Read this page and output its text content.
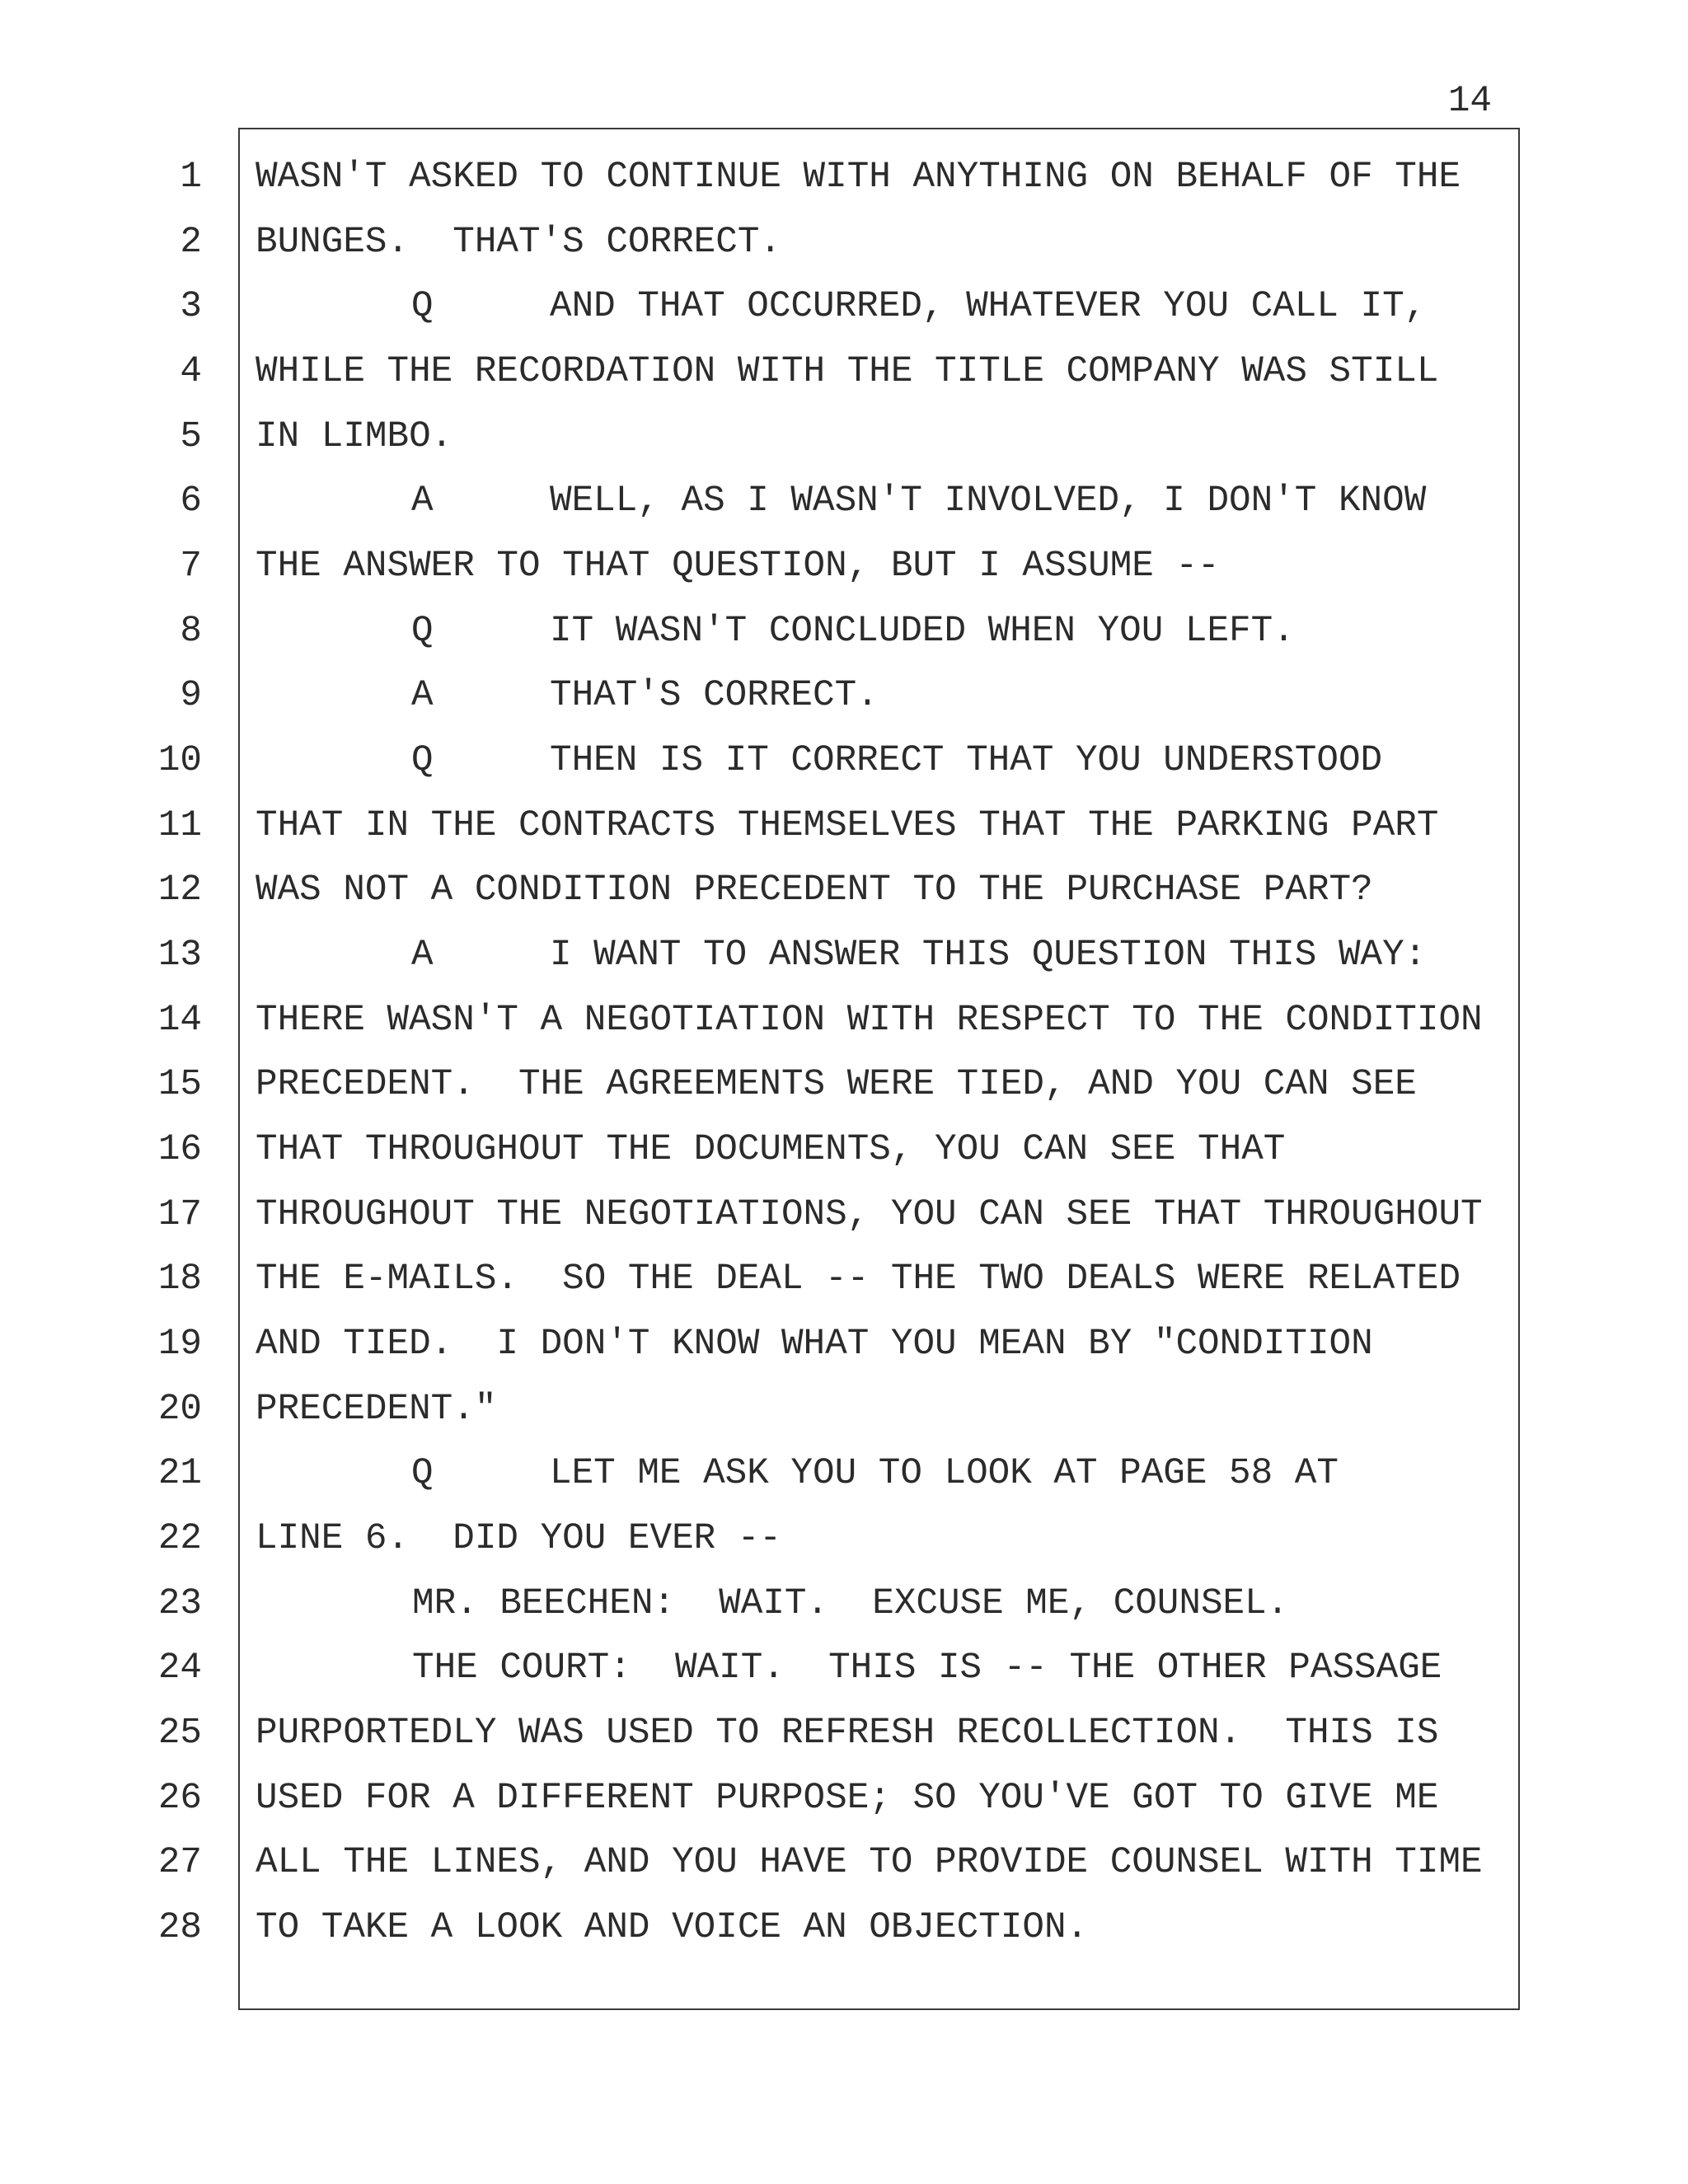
14
1 WASN'T ASKED TO CONTINUE WITH ANYTHING ON BEHALF OF THE
2 BUNGES.  THAT'S CORRECT.
3	Q	AND THAT OCCURRED, WHATEVER YOU CALL IT,
4 WHILE THE RECORDATION WITH THE TITLE COMPANY WAS STILL
5 IN LIMBO.
6	A	WELL, AS I WASN'T INVOLVED, I DON'T KNOW
7 THE ANSWER TO THAT QUESTION, BUT I ASSUME --
8	Q	IT WASN'T CONCLUDED WHEN YOU LEFT.
9	A	THAT'S CORRECT.
10	Q	THEN IS IT CORRECT THAT YOU UNDERSTOOD
11 THAT IN THE CONTRACTS THEMSELVES THAT THE PARKING PART
12 WAS NOT A CONDITION PRECEDENT TO THE PURCHASE PART?
13	A	I WANT TO ANSWER THIS QUESTION THIS WAY:
14 THERE WASN'T A NEGOTIATION WITH RESPECT TO THE CONDITION
15 PRECEDENT.  THE AGREEMENTS WERE TIED, AND YOU CAN SEE
16 THAT THROUGHOUT THE DOCUMENTS, YOU CAN SEE THAT
17 THROUGHOUT THE NEGOTIATIONS, YOU CAN SEE THAT THROUGHOUT
18 THE E-MAILS.  SO THE DEAL -- THE TWO DEALS WERE RELATED
19 AND TIED.  I DON'T KNOW WHAT YOU MEAN BY "CONDITION
20 PRECEDENT."
21	Q	LET ME ASK YOU TO LOOK AT PAGE 58 AT
22 LINE 6.  DID YOU EVER --
23	MR. BEECHEN:  WAIT.  EXCUSE ME, COUNSEL.
24	THE COURT:  WAIT.  THIS IS -- THE OTHER PASSAGE
25 PURPORTEDLY WAS USED TO REFRESH RECOLLECTION.  THIS IS
26 USED FOR A DIFFERENT PURPOSE; SO YOU'VE GOT TO GIVE ME
27 ALL THE LINES, AND YOU HAVE TO PROVIDE COUNSEL WITH TIME
28 TO TAKE A LOOK AND VOICE AN OBJECTION.
